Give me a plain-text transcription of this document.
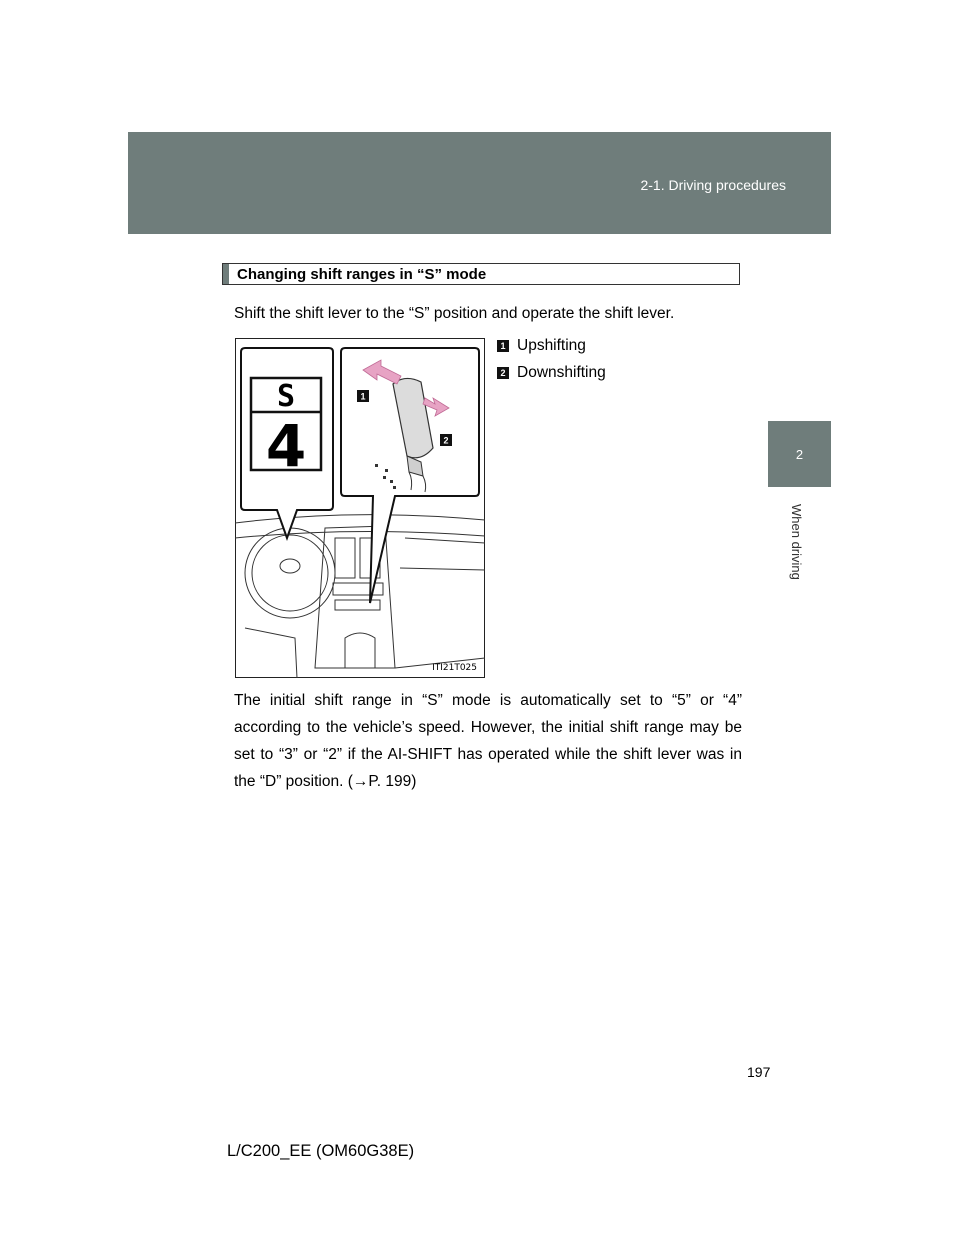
2-1. Driving procedures
2
When driving
Changing shift ranges in “S” mode
Shift the shift lever to the “S” position and operate the shift lever.
S
4
1
2
ITI21T025
1 Upshifting
2 Downshifting
The initial shift range in “S” mode is automatically set to “5” or “4” according to the vehicle’s speed. However, the initial shift range may be set to “3” or “2” if the AI-SHIFT has operated while the shift lever was in the “D” position. (→P. 199)
197
L/C200_EE (OM60G38E)
